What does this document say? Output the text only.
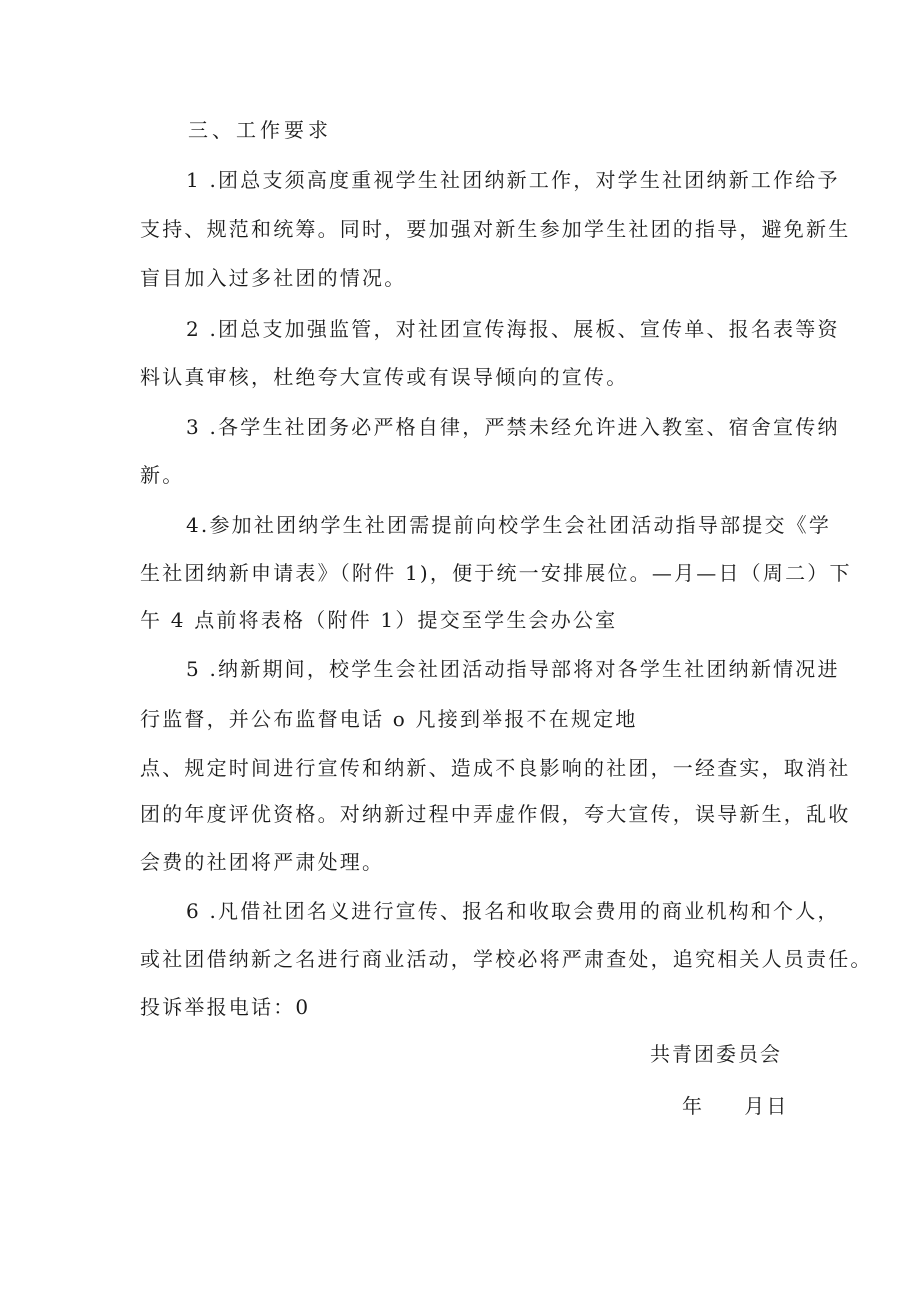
三、工作要求
1 .团总支须高度重视学生社团纳新工作，对学生社团纳新工作给予
支持、规范和统筹。同时，要加强对新生参加学生社团的指导，避免新生
盲目加入过多社团的情况。
2 .团总支加强监管，对社团宣传海报、展板、宣传单、报名表等资
料认真审核，杜绝夸大宣传或有误导倾向的宣传。
3 .各学生社团务必严格自律，严禁未经允许进入教室、宿舍宣传纳
新。
4.参加社团纳学生社团需提前向校学生会社团活动指导部提交《学
生社团纳新申请表》（附件 1)，便于统一安排展位。—月—日（周二）下
午 4 点前将表格（附件 1）提交至学生会办公室
5 .纳新期间，校学生会社团活动指导部将对各学生社团纳新情况进
行监督，并公布监督电话 o 凡接到举报不在规定地
点、规定时间进行宣传和纳新、造成不良影响的社团，一经查实，取消社
团的年度评优资格。对纳新过程中弄虚作假，夸大宣传，误导新生，乱收
会费的社团将严肃处理。
6 .凡借社团名义进行宣传、报名和收取会费用的商业机构和个人，
或社团借纳新之名进行商业活动，学校必将严肃查处，追究相关人员责任。
投诉举报电话：0
共青团委员会
年 月日
